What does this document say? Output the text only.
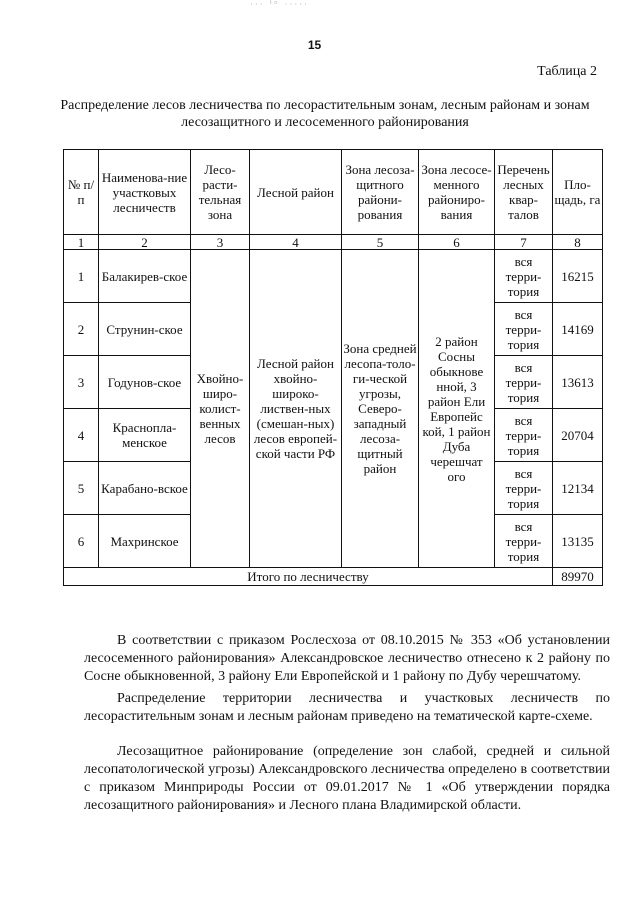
··· ᵗᵒ ·····
15
Таблица 2
Распределение лесов лесничества по лесорастительным зонам, лесным районам и зонам лесозащитного и лесосеменного районирования
№ п/п	Наименова-ние участковых лесничеств	Лесо-расти-тельная зона	Лесной район	Зона лесоза-щитного райони-рования	Зона лесосе-менного райониро-вания	Перечень лесных квар-талов	Пло-щадь, га
1	2	3	4	5	6	7	8
1	Балакирев-ское	Хвойно-широ-колист-венных лесов	Лесной район хвойно-широко-листвен-ных (смешан-ных) лесов европей-ской части РФ	Зона средней лесопа-толо-ги-ческой угрозы, Северо-западный лесоза-щитный район	2 район Сосны обыкнове нной, 3 район Ели Европейс кой, 1 район Дуба черешчат ого	вся терри-тория	16215
2	Струнин-ское					вся терри-тория	14169
3	Годунов-ское					вся терри-тория	13613
4	Краснопла-менское					вся терри-тория	20704
5	Карабано-вское					вся терри-тория	12134
6	Махринское					вся терри-тория	13135
Итого по лесничеству							89970
В соответствии с приказом Рослесхоза от 08.10.2015 № 353 «Об установлении лесосеменного районирования» Александровское лесничество отнесено к 2 району по Сосне обыкновенной, 3 району Ели Европейской и 1 району по Дубу черешчатому.
Распределение территории лесничества и участковых лесничеств по лесорастительным зонам и лесным районам приведено на тематической карте-схеме.
Лесозащитное районирование (определение зон слабой, средней и сильной лесопатологической угрозы) Александровского лесничества определено в соответствии с приказом Минприроды России от 09.01.2017 № 1 «Об утверждении порядка лесозащитного районирования» и Лесного плана Владимирской области.
